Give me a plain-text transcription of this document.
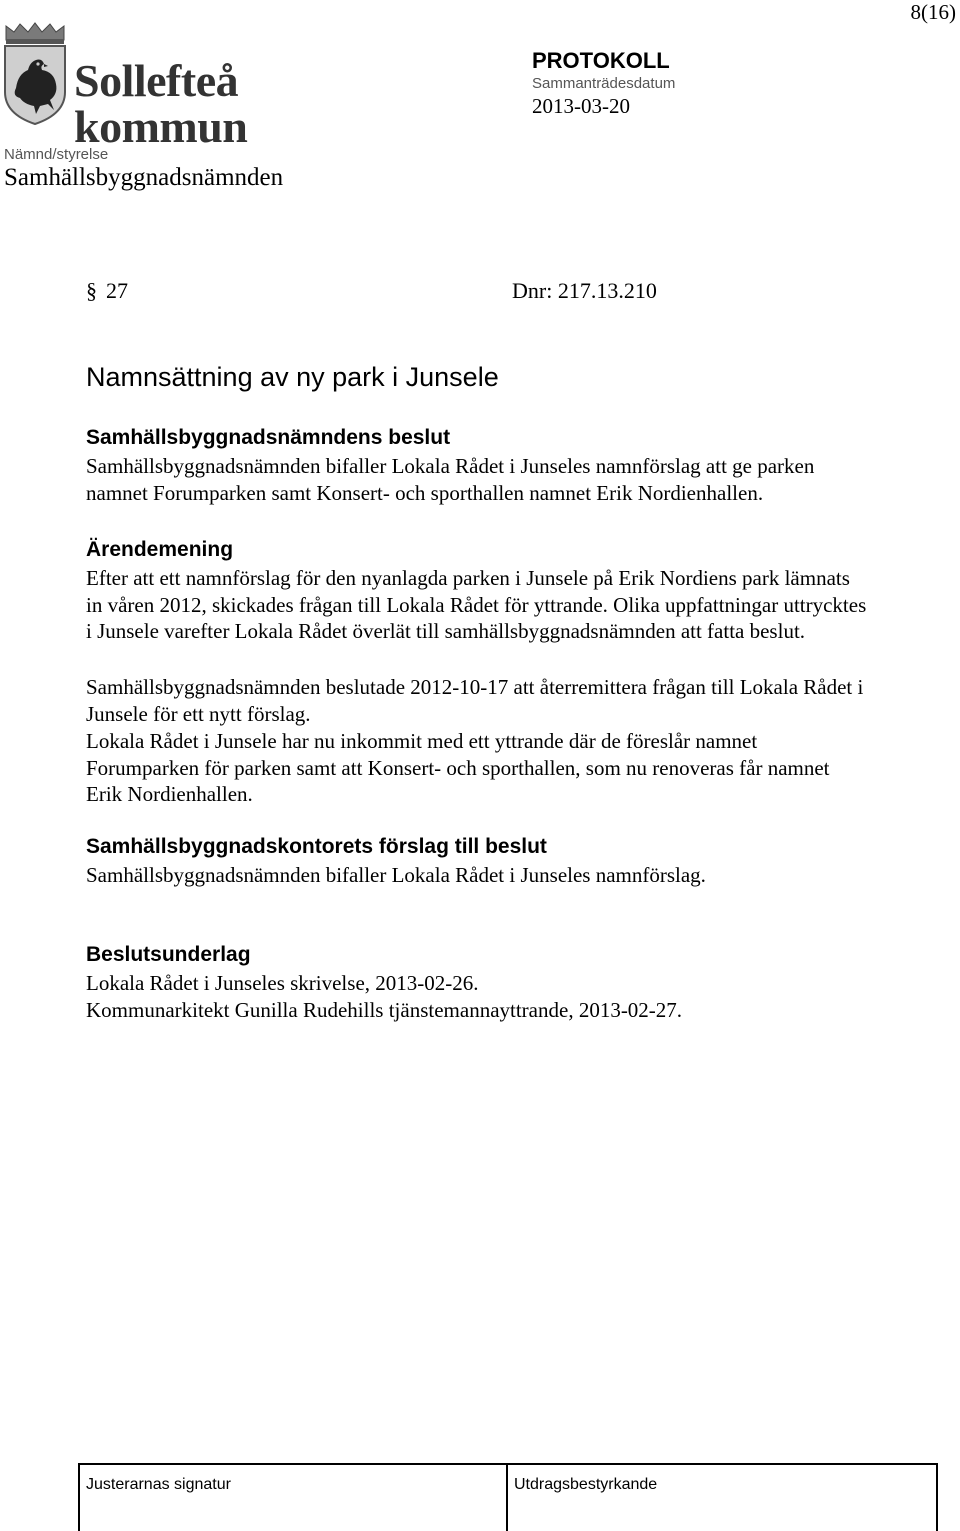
8(16)
Sollefteå
kommun
PROTOKOLL
Sammanträdesdatum
2013-03-20
Nämnd/styrelse
Samhällsbyggnadsnämnden
§ 27	Dnr: 217.13.210
Namnsättning av ny park i Junsele
Samhällsbyggnadsnämndens beslut
Samhällsbyggnadsnämnden bifaller Lokala Rådet i Junseles namnförslag att ge parken
namnet Forumparken samt Konsert- och sporthallen namnet Erik Nordienhallen.
Ärendemening
Efter att ett namnförslag för den nyanlagda parken i Junsele på Erik Nordiens park lämnats
in våren 2012, skickades frågan till Lokala Rådet för yttrande. Olika uppfattningar uttrycktes
i Junsele varefter Lokala Rådet överlät till samhällsbyggnadsnämnden att fatta beslut.
Samhällsbyggnadsnämnden beslutade 2012-10-17 att återremittera frågan till Lokala Rådet i
Junsele för ett nytt förslag.
Lokala Rådet i Junsele har nu inkommit med ett yttrande där de föreslår namnet
Forumparken för parken samt att Konsert- och sporthallen, som nu renoveras får namnet
Erik Nordienhallen.
Samhällsbyggnadskontorets förslag till beslut
Samhällsbyggnadsnämnden bifaller Lokala Rådet i Junseles namnförslag.
Beslutsunderlag
Lokala Rådet i Junseles skrivelse, 2013-02-26.
Kommunarkitekt Gunilla Rudehills tjänstemannayttrande, 2013-02-27.
Justerarnas signatur	Utdragsbestyrkande
